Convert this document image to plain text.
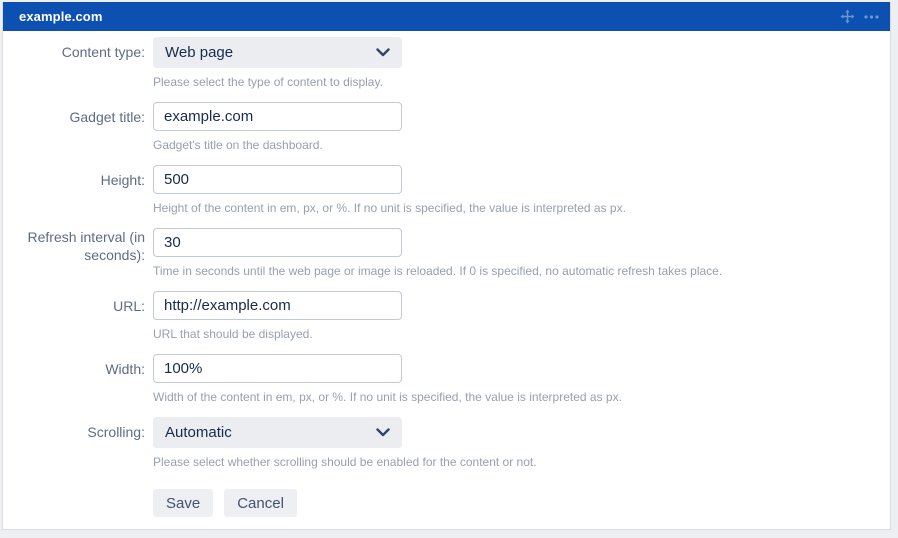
example.com
Content type: Web page
Please select the type of content to display.
Gadget title:
example.com
Gadget's title on the dashboard.
Height:
500
Height of the content in em, px, or %. If no unit is specified, the value is interpreted as px.
Refresh interval (in seconds):
30
Time in seconds until the web page or image is reloaded. If 0 is specified, no automatic refresh takes place.
URL:
http://example.com
URL that should be displayed.
Width:
100%
Width of the content in em, px, or %. If no unit is specified, the value is interpreted as px.
Scrolling: Automatic
Please select whether scrolling should be enabled for the content or not.
Save	Cancel
